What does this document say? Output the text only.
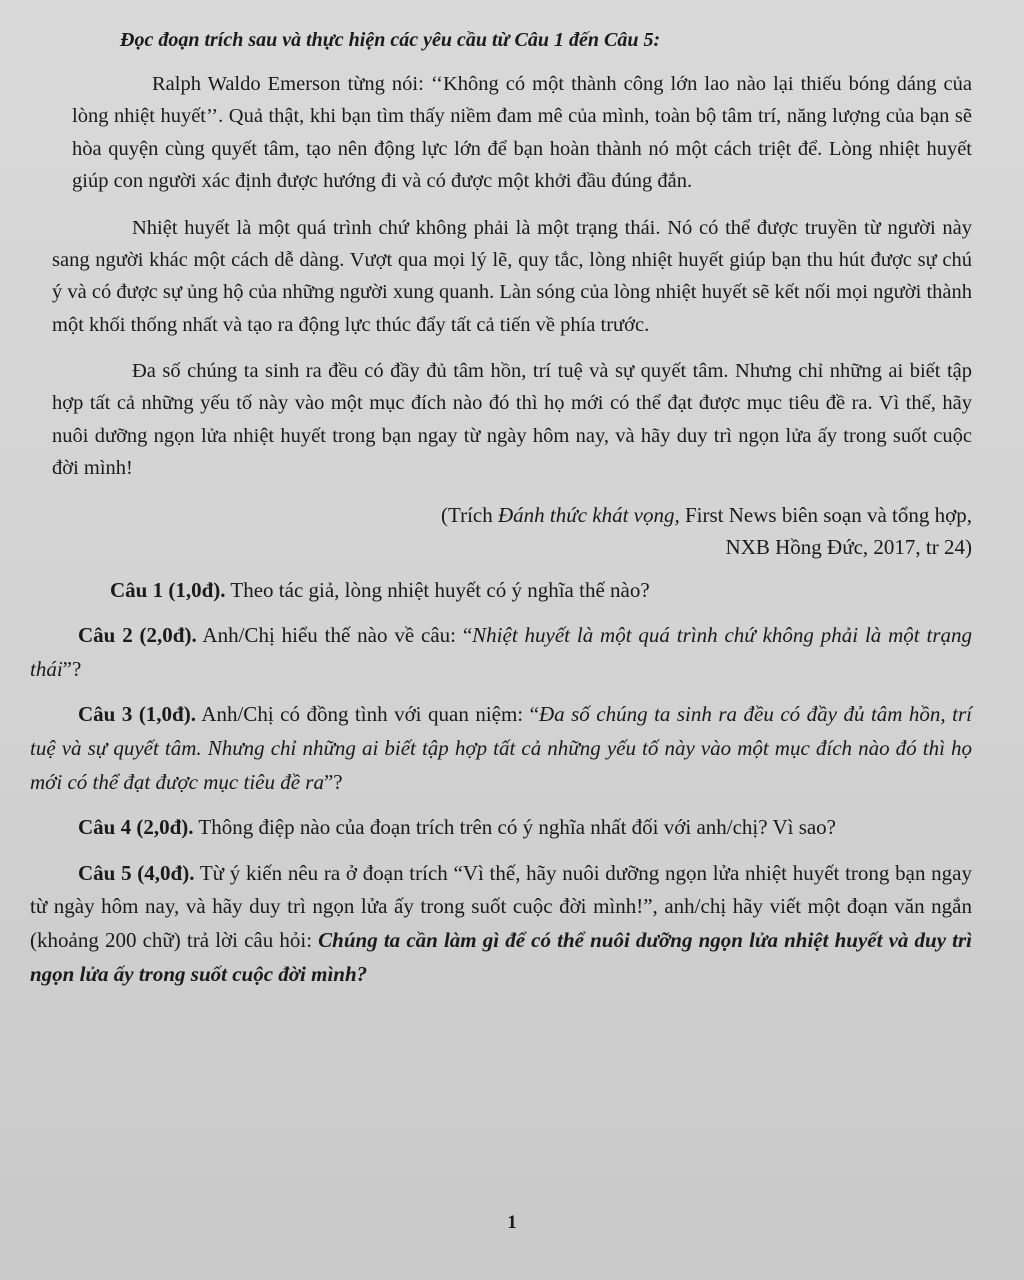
Đọc đoạn trích sau và thực hiện các yêu cầu từ Câu 1 đến Câu 5:

Ralph Waldo Emerson từng nói: ‘‘Không có một thành công lớn lao nào lại thiếu bóng dáng của lòng nhiệt huyết’’. Quả thật, khi bạn tìm thấy niềm đam mê của mình, toàn bộ tâm trí, năng lượng của bạn sẽ hòa quyện cùng quyết tâm, tạo nên động lực lớn để bạn hoàn thành nó một cách triệt để. Lòng nhiệt huyết giúp con người xác định được hướng đi và có được một khởi đầu đúng đắn.

Nhiệt huyết là một quá trình chứ không phải là một trạng thái. Nó có thể được truyền từ người này sang người khác một cách dễ dàng. Vượt qua mọi lý lẽ, quy tắc, lòng nhiệt huyết giúp bạn thu hút được sự chú ý và có được sự ủng hộ của những người xung quanh. Làn sóng của lòng nhiệt huyết sẽ kết nối mọi người thành một khối thống nhất và tạo ra động lực thúc đẩy tất cả tiến về phía trước.

Đa số chúng ta sinh ra đều có đầy đủ tâm hồn, trí tuệ và sự quyết tâm. Nhưng chỉ những ai biết tập hợp tất cả những yếu tố này vào một mục đích nào đó thì họ mới có thể đạt được mục tiêu đề ra. Vì thế, hãy nuôi dưỡng ngọn lửa nhiệt huyết trong bạn ngay từ ngày hôm nay, và hãy duy trì ngọn lửa ấy trong suốt cuộc đời mình!

(Trích Đánh thức khát vọng, First News biên soạn và tổng hợp,
NXB Hồng Đức, 2017, tr 24)

Câu 1 (1,0đ). Theo tác giả, lòng nhiệt huyết có ý nghĩa thế nào?

Câu 2 (2,0đ). Anh/Chị hiểu thế nào về câu: “Nhiệt huyết là một quá trình chứ không phải là một trạng thái”?

Câu 3 (1,0đ). Anh/Chị có đồng tình với quan niệm: “Đa số chúng ta sinh ra đều có đầy đủ tâm hồn, trí tuệ và sự quyết tâm. Nhưng chỉ những ai biết tập hợp tất cả những yếu tố này vào một mục đích nào đó thì họ mới có thể đạt được mục tiêu đề ra”?

Câu 4 (2,0đ). Thông điệp nào của đoạn trích trên có ý nghĩa nhất đối với anh/chị? Vì sao?

Câu 5 (4,0đ). Từ ý kiến nêu ra ở đoạn trích “Vì thế, hãy nuôi dưỡng ngọn lửa nhiệt huyết trong bạn ngay từ ngày hôm nay, và hãy duy trì ngọn lửa ấy trong suốt cuộc đời mình!”, anh/chị hãy viết một đoạn văn ngắn (khoảng 200 chữ) trả lời câu hỏi: Chúng ta cần làm gì để có thể nuôi dưỡng ngọn lửa nhiệt huyết và duy trì ngọn lửa ấy trong suốt cuộc đời mình?

1
